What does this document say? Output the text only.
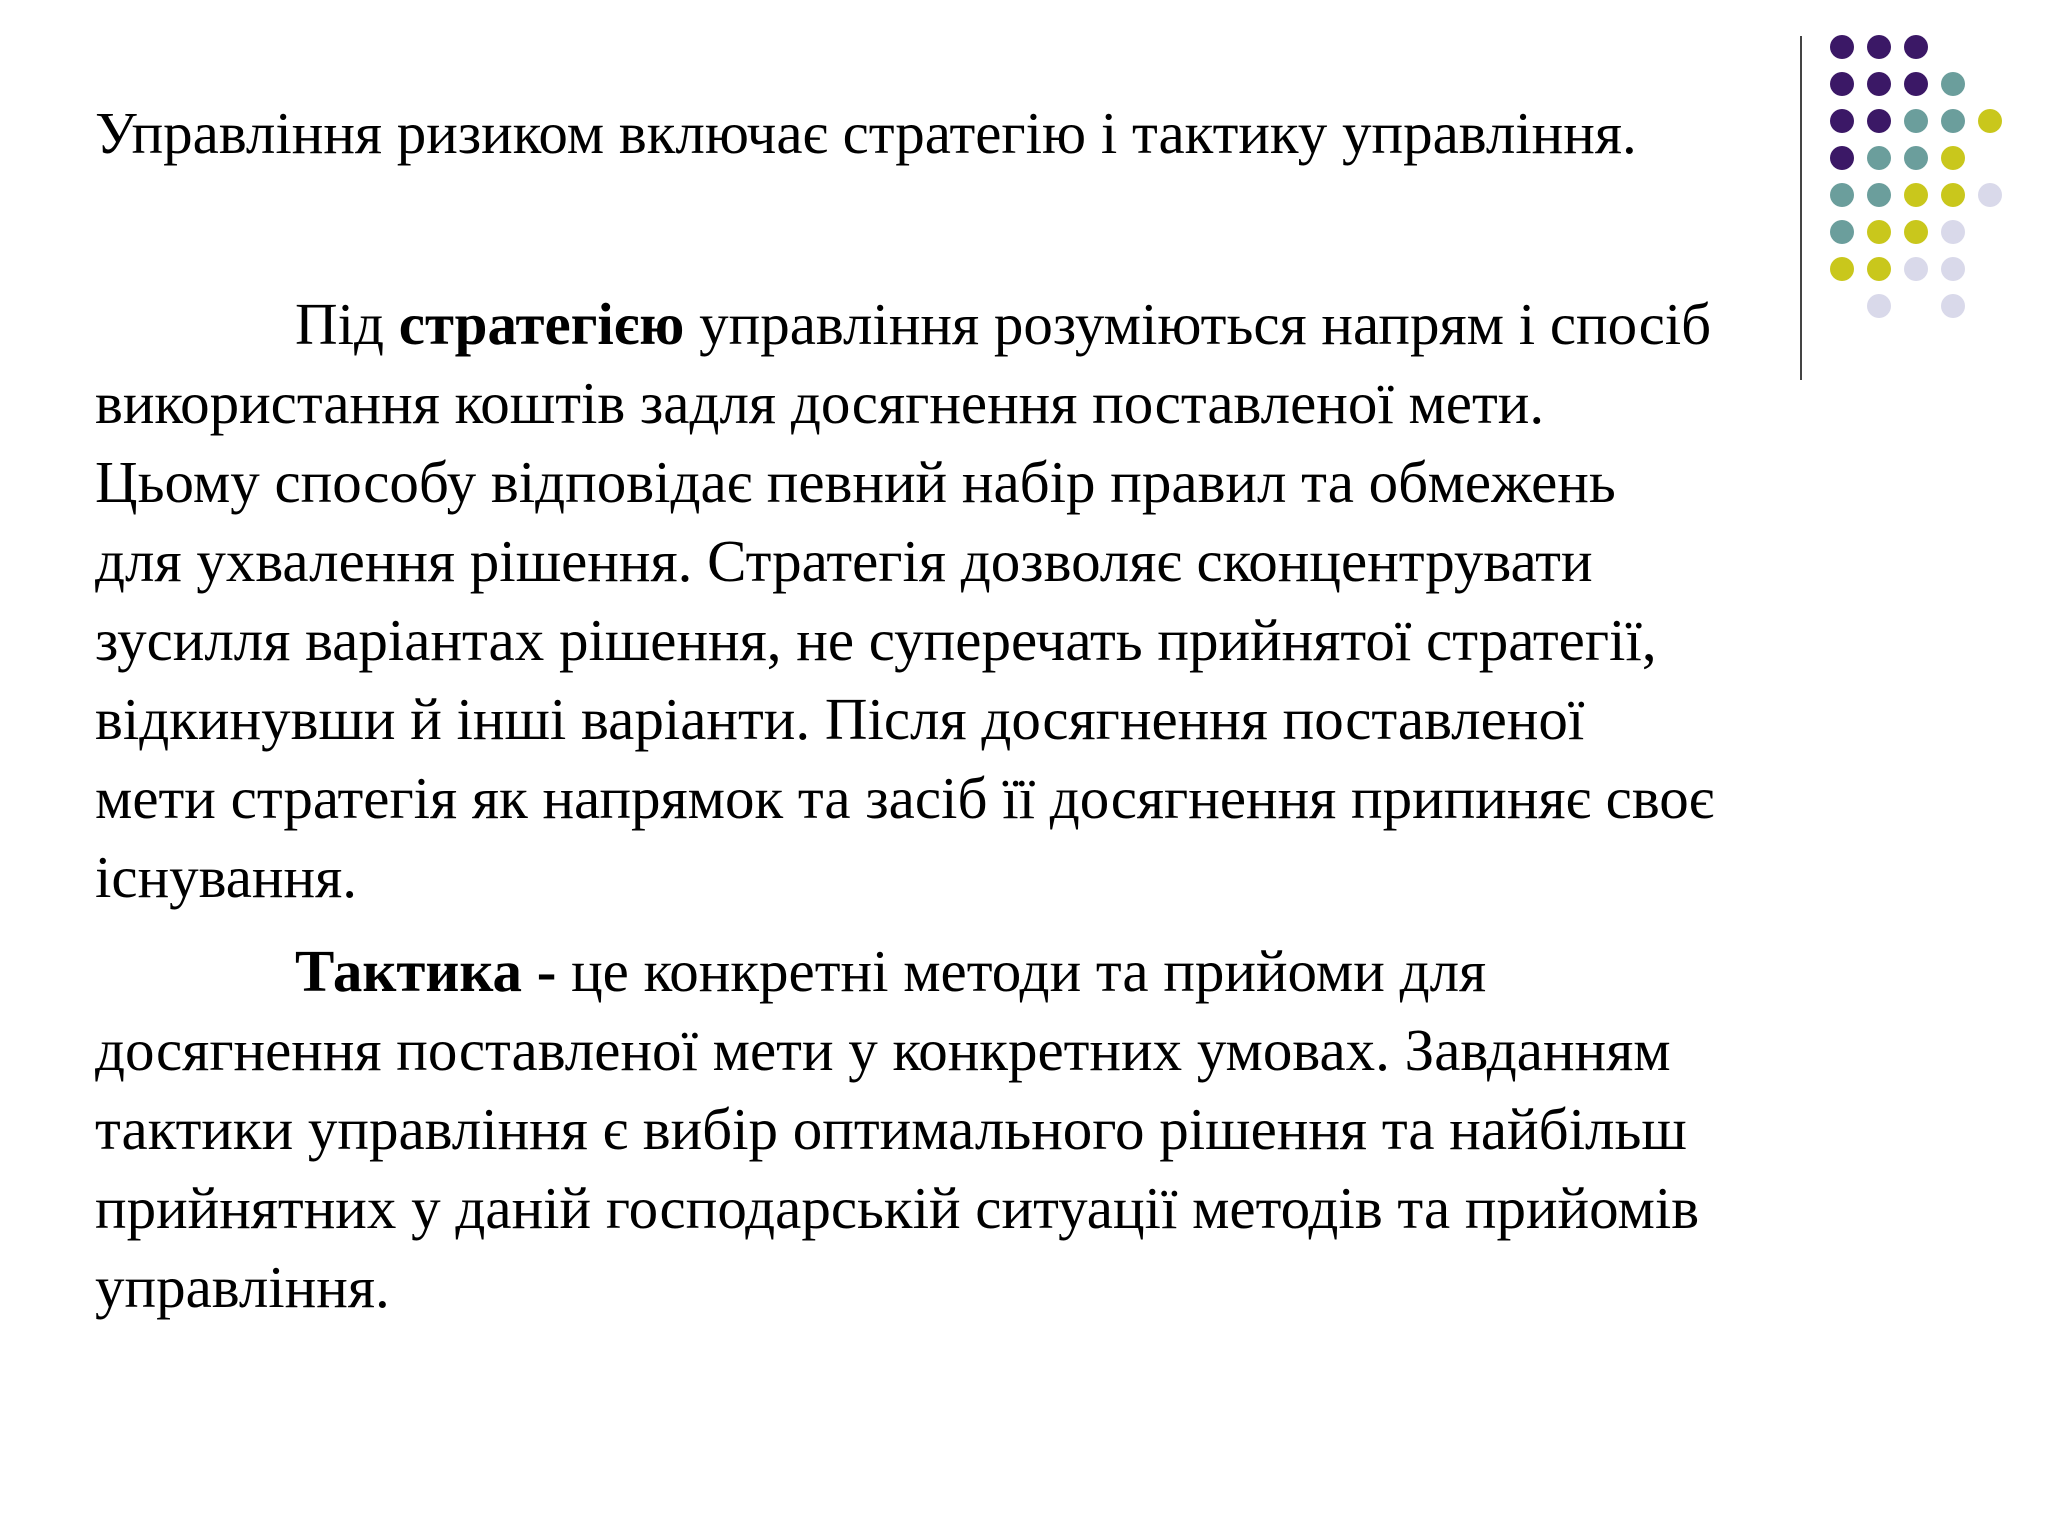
Управління ризиком включає стратегію і тактику управління.

Під стратегією управління розуміються напрям і спосіб
використання коштів задля досягнення поставленої мети.
Цьому способу відповідає певний набір правил та обмежень
для ухвалення рішення. Стратегія дозволяє сконцентрувати
зусилля варіантах рішення, не суперечать прийнятої стратегії,
відкинувши й інші варіанти. Після досягнення поставленої
мети стратегія як напрямок та засіб її досягнення припиняє своє
існування.

Тактика - це конкретні методи та прийоми для
досягнення поставленої мети у конкретних умовах. Завданням
тактики управління є вибір оптимального рішення та найбільш
прийнятних у даній господарській ситуації методів та прийомів
управління.
